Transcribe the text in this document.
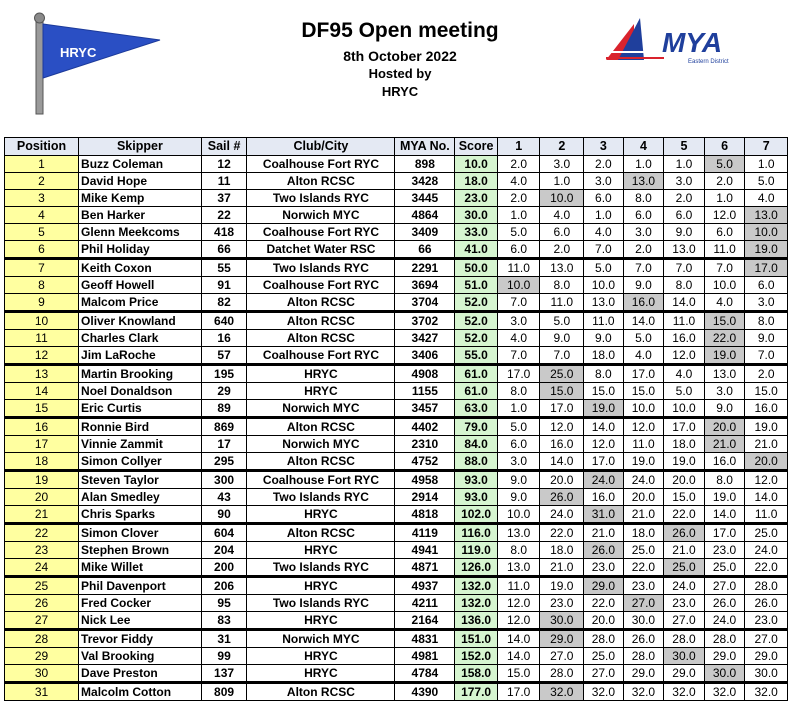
HRYC
DF95 Open meeting
8th October 2022
Hosted by
HRYC
MYA
Eastern District
Position	Skipper	Sail #	Club/City	MYA No.	Score	1	2	3	4	5	6	7
1	Buzz Coleman	12	Coalhouse Fort RYC	898	10.0	2.0	3.0	2.0	1.0	1.0	5.0	1.0
2	David Hope	11	Alton RCSC	3428	18.0	4.0	1.0	3.0	13.0	3.0	2.0	5.0
3	Mike Kemp	37	Two Islands RYC	3445	23.0	2.0	10.0	6.0	8.0	2.0	1.0	4.0
4	Ben Harker	22	Norwich MYC	4864	30.0	1.0	4.0	1.0	6.0	6.0	12.0	13.0
5	Glenn Meekcoms	418	Coalhouse Fort RYC	3409	33.0	5.0	6.0	4.0	3.0	9.0	6.0	10.0
6	Phil Holiday	66	Datchet Water RSC	66	41.0	6.0	2.0	7.0	2.0	13.0	11.0	19.0
7	Keith Coxon	55	Two Islands RYC	2291	50.0	11.0	13.0	5.0	7.0	7.0	7.0	17.0
8	Geoff Howell	91	Coalhouse Fort RYC	3694	51.0	10.0	8.0	10.0	9.0	8.0	10.0	6.0
9	Malcom Price	82	Alton RCSC	3704	52.0	7.0	11.0	13.0	16.0	14.0	4.0	3.0
10	Oliver Knowland	640	Alton RCSC	3702	52.0	3.0	5.0	11.0	14.0	11.0	15.0	8.0
11	Charles Clark	16	Alton RCSC	3427	52.0	4.0	9.0	9.0	5.0	16.0	22.0	9.0
12	Jim LaRoche	57	Coalhouse Fort RYC	3406	55.0	7.0	7.0	18.0	4.0	12.0	19.0	7.0
13	Martin Brooking	195	HRYC	4908	61.0	17.0	25.0	8.0	17.0	4.0	13.0	2.0
14	Noel Donaldson	29	HRYC	1155	61.0	8.0	15.0	15.0	15.0	5.0	3.0	15.0
15	Eric Curtis	89	Norwich MYC	3457	63.0	1.0	17.0	19.0	10.0	10.0	9.0	16.0
16	Ronnie Bird	869	Alton RCSC	4402	79.0	5.0	12.0	14.0	12.0	17.0	20.0	19.0
17	Vinnie Zammit	17	Norwich MYC	2310	84.0	6.0	16.0	12.0	11.0	18.0	21.0	21.0
18	Simon Collyer	295	Alton RCSC	4752	88.0	3.0	14.0	17.0	19.0	19.0	16.0	20.0
19	Steven Taylor	300	Coalhouse Fort RYC	4958	93.0	9.0	20.0	24.0	24.0	20.0	8.0	12.0
20	Alan Smedley	43	Two Islands RYC	2914	93.0	9.0	26.0	16.0	20.0	15.0	19.0	14.0
21	Chris Sparks	90	HRYC	4818	102.0	10.0	24.0	31.0	21.0	22.0	14.0	11.0
22	Simon Clover	604	Alton RCSC	4119	116.0	13.0	22.0	21.0	18.0	26.0	17.0	25.0
23	Stephen Brown	204	HRYC	4941	119.0	8.0	18.0	26.0	25.0	21.0	23.0	24.0
24	Mike Willet	200	Two Islands RYC	4871	126.0	13.0	21.0	23.0	22.0	25.0	25.0	22.0
25	Phil Davenport	206	HRYC	4937	132.0	11.0	19.0	29.0	23.0	24.0	27.0	28.0
26	Fred Cocker	95	Two Islands RYC	4211	132.0	12.0	23.0	22.0	27.0	23.0	26.0	26.0
27	Nick Lee	83	HRYC	2164	136.0	12.0	30.0	20.0	30.0	27.0	24.0	23.0
28	Trevor Fiddy	31	Norwich MYC	4831	151.0	14.0	29.0	28.0	26.0	28.0	28.0	27.0
29	Val Brooking	99	HRYC	4981	152.0	14.0	27.0	25.0	28.0	30.0	29.0	29.0
30	Dave Preston	137	HRYC	4784	158.0	15.0	28.0	27.0	29.0	29.0	30.0	30.0
31	Malcolm Cotton	809	Alton RCSC	4390	177.0	17.0	32.0	32.0	32.0	32.0	32.0	32.0
